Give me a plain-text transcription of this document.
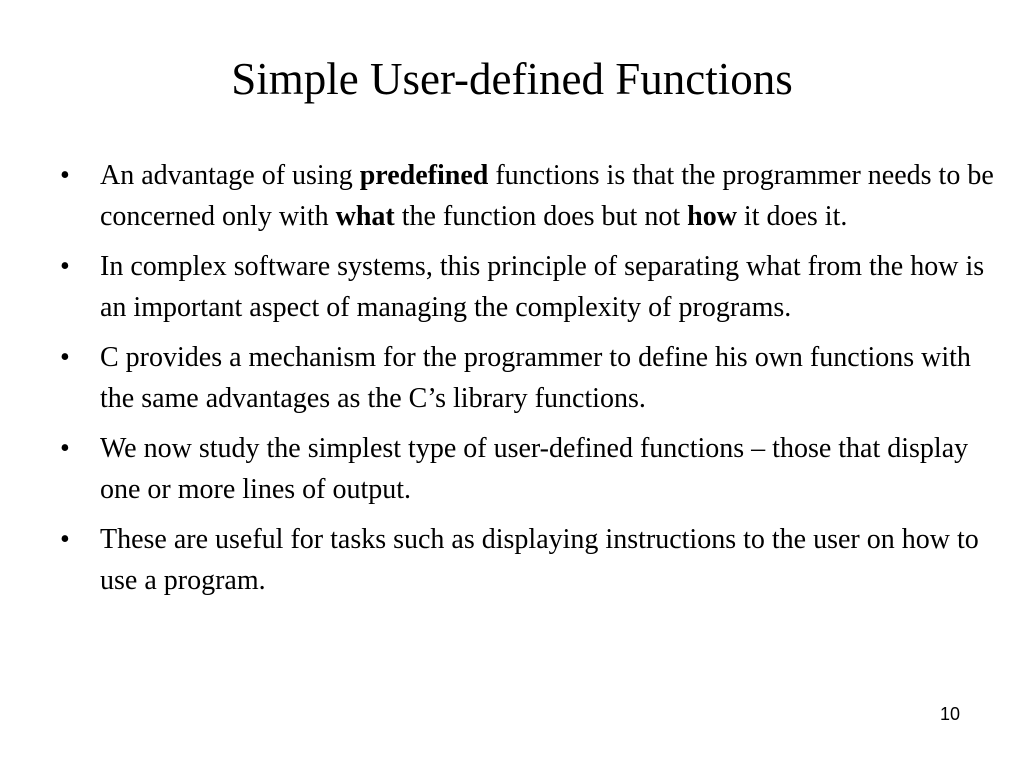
Simple User-defined Functions
• An advantage of using predefined functions is that the programmer needs to be concerned only with what the function does but not how it does it.
• In complex software systems, this principle of separating what from the how is an important aspect of managing the complexity of programs.
• C provides a mechanism for the programmer to define his own functions with the same advantages as the C’s library functions.
• We now study the simplest type of user-defined functions – those that display one or more lines of output.
• These are useful for tasks such as displaying instructions to the user on how to use a program.
10
